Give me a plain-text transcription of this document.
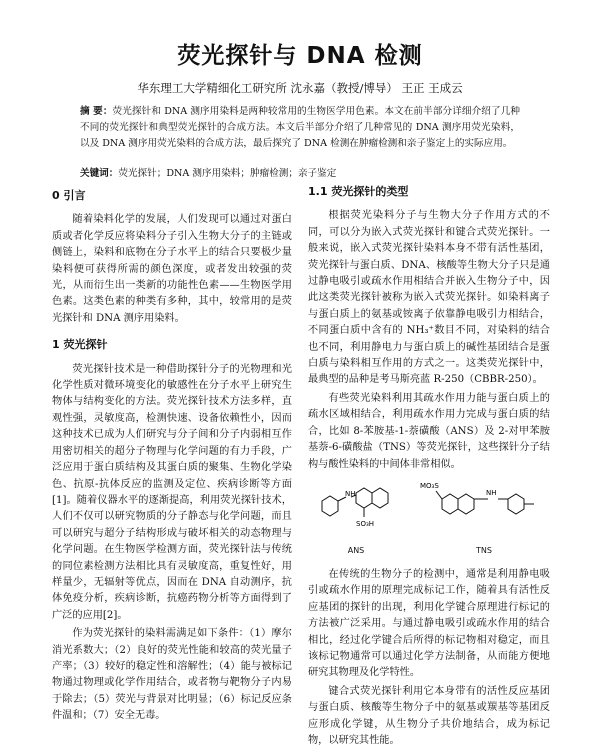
荧光探针与 DNA 检测
华东理工大学精细化工研究所 沈永嘉（教授/博导） 王正 王成云
摘 要：荧光探针和 DNA 测序用染料是两种较常用的生物医学用色素。本文在前半部分详细介绍了几种不同的荧光探针和典型荧光探针的合成方法。本文后半部分介绍了几种常见的 DNA 测序用荧光染料，以及 DNA 测序用荧光染料的合成方法，最后探究了 DNA 检测在肿瘤检测和亲子鉴定上的实际应用。
关键词：荧光探针；DNA 测序用染料；肿瘤检测；亲子鉴定
0 引言

随着染料化学的发展，人们发现可以通过对蛋白质或者化学反应将染料分子引入生物大分子的主链或侧链上，染料和底物在分子水平上的结合只要极少量染料便可获得所需的颜色深度，或者发出较强的荧光，从而衍生出一类新的功能性色素——生物医学用色素。这类色素的种类有多种，其中，较常用的是荧光探针和 DNA 测序用染料。

1 荧光探针

荧光探针技术是一种借助探针分子的光物理和光化学性质对微环境变化的敏感性在分子水平上研究生物体与结构变化的方法。荧光探针技术方法多样，直观性强，灵敏度高，检测快速、设备依赖性小，因而这种技术已成为人们研究与分子间和分子内弱相互作用密切相关的超分子物理与化学问题的有力手段，广泛应用于蛋白质结构及其蛋白质的聚集、生物化学染色、抗原-抗体反应的监测及定位、疾病诊断等方面[1]。随着仪器水平的逐渐提高，利用荧光探针技术，人们不仅可以研究物质的分子静态与化学问题，而且可以研究与超分子结构形成与破坏相关的动态物理与化学问题。在生物医学检测方面，荧光探针法与传统的同位素检测方法相比具有灵敏度高，重复性好，用样量少，无辐射等优点，因而在 DNA 自动测序，抗体免疫分析，疾病诊断，抗癌药物分析等方面得到了广泛的应用[2]。

作为荧光探针的染料需满足如下条件：（1）摩尔消光系数大；（2）良好的荧光性能和较高的荧光量子产率；（3）较好的稳定性和溶解性；（4）能与被标记物通过物理或化学作用结合，或者物与靶物分子内易于除去；（5）荧光与背景对比明显；（6）标记反应条件温和；（7）安全无毒。

1.1 荧光探针的类型

根据荧光染料分子与生物大分子作用方式的不同，可以分为嵌入式荧光探针和键合式荧光探针。一般来说，嵌入式荧光探针染料本身不带有活性基团，荧光探针与蛋白质、DNA、核酸等生物大分子只是通过静电吸引或疏水作用相结合并嵌入生物分子中，因此这类荧光探针被称为嵌入式荧光探针。如染料离子与蛋白质上的氨基或铵离子依靠静电吸引力相结合，不同蛋白质中含有的 NH₃⁺数目不同，对染料的结合也不同，利用静电力与蛋白质上的碱性基团结合是蛋白质与染料相互作用的方式之一。这类荧光探针中，最典型的品种是考马斯亮蓝 R-250（CBBR-250）。

有些荧光染料利用其疏水作用力能与蛋白质上的疏水区域相结合，利用疏水作用力完成与蛋白质的结合，比如 8-苯胺基-1-萘磺酸（ANS）及 2-对甲苯胺基萘-6-磺酸盐（TNS）等荧光探针，这些探针分子结构与酸性染料的中间体非常相似。

NH
SO₃H
ANS
MO₃S
NH
TNS

在传统的生物分子的检测中，通常是利用静电吸引或疏水作用的原理完成标记工作，随着具有活性反应基团的探针的出现，利用化学键合原理进行标记的方法被广泛采用。与通过静电吸引或疏水作用的结合相比，经过化学键合后所得的标记物相对稳定，而且该标记物通常可以通过化学方法制备，从而能方便地研究其物理及化学特性。

键合式荧光探针利用它本身带有的活性反应基团与蛋白质、核酸等生物分子中的氨基或羰基等基团反应形成化学键，从生物分子共价地结合，成为标记物，以研究其性能。
